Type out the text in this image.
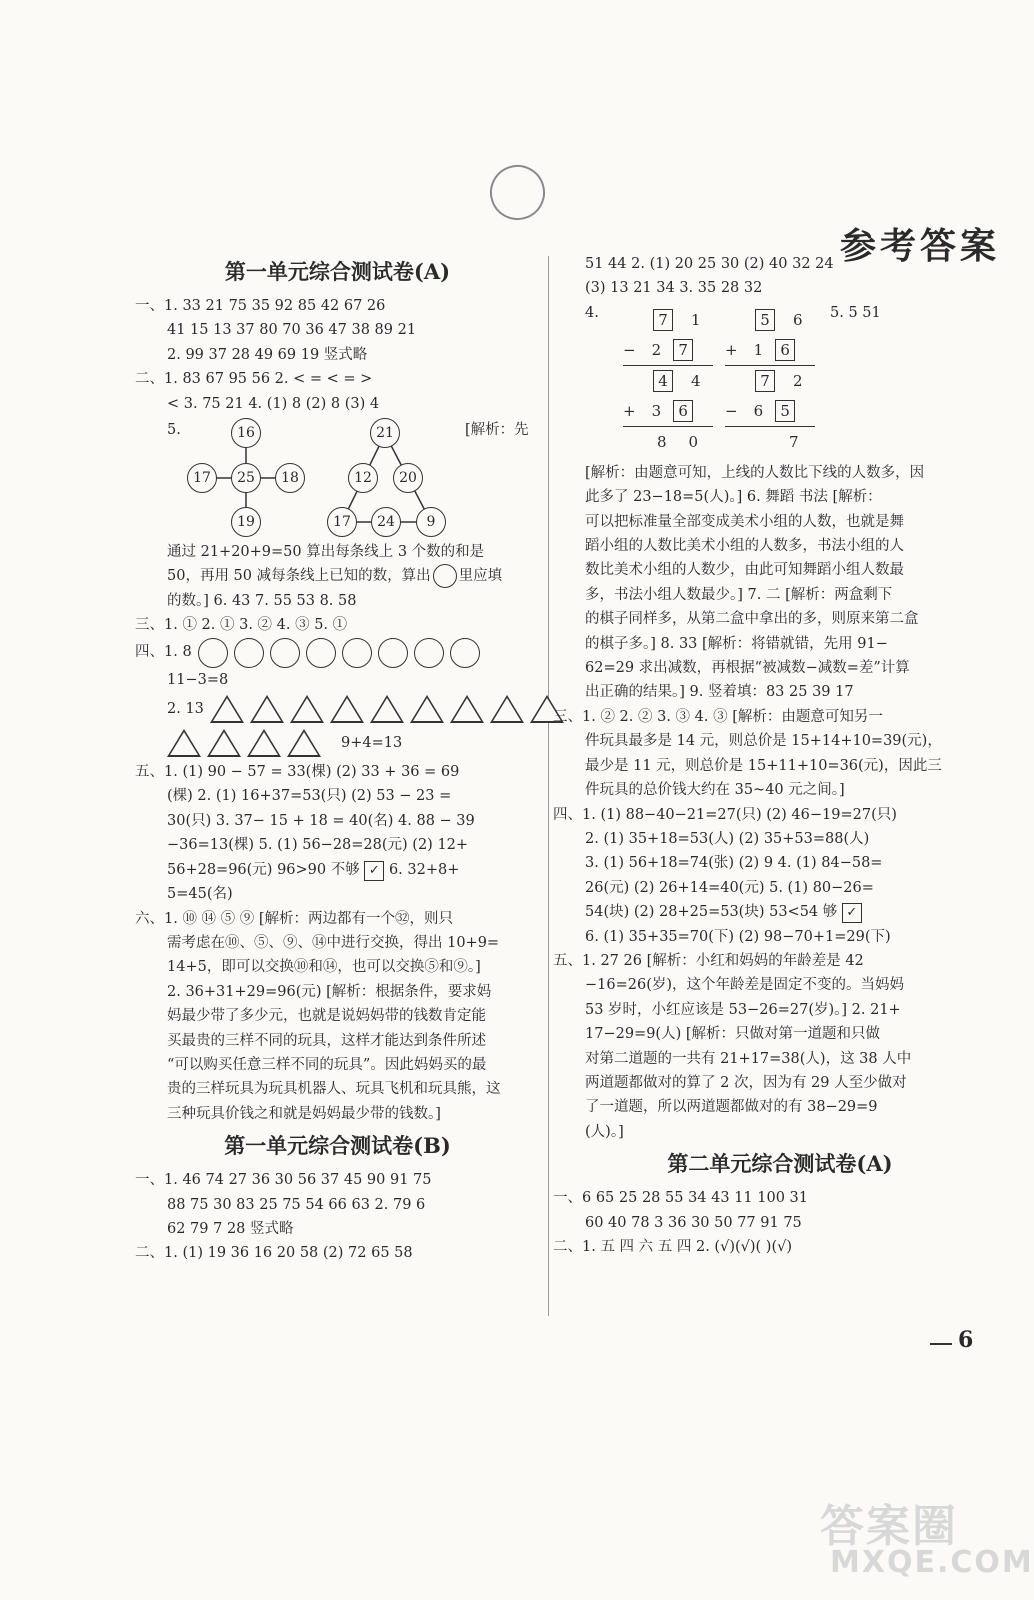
参考答案
第一单元综合测试卷(A)
一、1. 33 21 75 35 92 85 42 67 26
41 15 13 37 80 70 36 47 38 89 21
2. 99 37 28 49 69 19 竖式略
二、1. 83 67 95 56 2. < = < = >
< 3. 75 21 4. (1) 8 (2) 8 (3) 4
5.	[解析：先
16
17	25	18
19
21
12	20
17	24	9
通过 21+20+9=50 算出每条线上 3 个数的和是
50，再用 50 减每条线上已知的数，算出 里应填
的数。] 6. 43 7. 55 53 8. 58
三、1. ① 2. ① 3. ② 4. ③ 5. ①
四、1. 8
11−3=8
2. 13
9+4=13
五、1. (1) 90 − 57 = 33(棵) (2) 33 + 36 = 69
(棵) 2. (1) 16+37=53(只) (2) 53 − 23 =
30(只) 3. 37− 15 + 18 = 40(名) 4. 88 − 39
−36=13(棵) 5. (1) 56−28=28(元) (2) 12+
56+28=96(元) 96>90 不够 ✓ 6. 32+8+
5=45(名)
六、1. ⑩ ⑭ ⑤ ⑨ [解析：两边都有一个㉜，则只
需考虑在⑩、⑤、⑨、⑭中进行交换，得出 10+9=
14+5，即可以交换⑩和⑭，也可以交换⑤和⑨。]
2. 36+31+29=96(元) [解析：根据条件，要求妈
妈最少带了多少元，也就是说妈妈带的钱数肯定能
买最贵的三样不同的玩具，这样才能达到条件所述
“可以购买任意三样不同的玩具”。因此妈妈买的最
贵的三样玩具为玩具机器人、玩具飞机和玩具熊，这
三种玩具价钱之和就是妈妈最少带的钱数。]
第一单元综合测试卷(B)
一、1. 46 74 27 36 30 56 37 45 90 91 75
88 75 30 83 25 75 54 66 63 2. 79 6
62 79 7 28 竖式略
二、1. (1) 19 36 16 20 58 (2) 72 65 58
51 44 2. (1) 20 25 30 (2) 40 32 24
(3) 13 21 34 3. 35 28 32
4.	5. 5 51
7 1
− 2 7
4 4
+ 3 6
8 0
5 6
+ 1 6
7 2
− 6 5
7
[解析：由题意可知，上线的人数比下线的人数多，因
此多了 23−18=5(人)。] 6. 舞蹈 书法 [解析：
可以把标准量全部变成美术小组的人数，也就是舞
蹈小组的人数比美术小组的人数多，书法小组的人
数比美术小组的人数少，由此可知舞蹈小组人数最
多，书法小组人数最少。] 7. 二 [解析：两盒剩下
的棋子同样多，从第二盒中拿出的多，则原来第二盒
的棋子多。] 8. 33 [解析：将错就错，先用 91−
62=29 求出减数，再根据“被减数−减数=差”计算
出正确的结果。] 9. 竖着填：83 25 39 17
三、1. ② 2. ② 3. ③ 4. ③ [解析：由题意可知另一
件玩具最多是 14 元，则总价是 15+14+10=39(元)，
最少是 11 元，则总价是 15+11+10=36(元)，因此三
件玩具的总价钱大约在 35~40 元之间。]
四、1. (1) 88−40−21=27(只) (2) 46−19=27(只)
2. (1) 35+18=53(人) (2) 35+53=88(人)
3. (1) 56+18=74(张) (2) 9 4. (1) 84−58=
26(元) (2) 26+14=40(元) 5. (1) 80−26=
54(块) (2) 28+25=53(块) 53<54 够 ✓
6. (1) 35+35=70(下) (2) 98−70+1=29(下)
五、1. 27 26 [解析：小红和妈妈的年龄差是 42
−16=26(岁)，这个年龄差是固定不变的。当妈妈
53 岁时，小红应该是 53−26=27(岁)。] 2. 21+
17−29=9(人) [解析：只做对第一道题和只做
对第二道题的一共有 21+17=38(人)，这 38 人中
两道题都做对的算了 2 次，因为有 29 人至少做对
了一道题，所以两道题都做对的有 38−29=9
(人)。]
第二单元综合测试卷(A)
一、6 65 25 28 55 34 43 11 100 31
60 40 78 3 36 30 50 77 91 75
二、1. 五 四 六 五 四 2. (√)(√)( )(√)
6
答案圈
MXQE.COM
